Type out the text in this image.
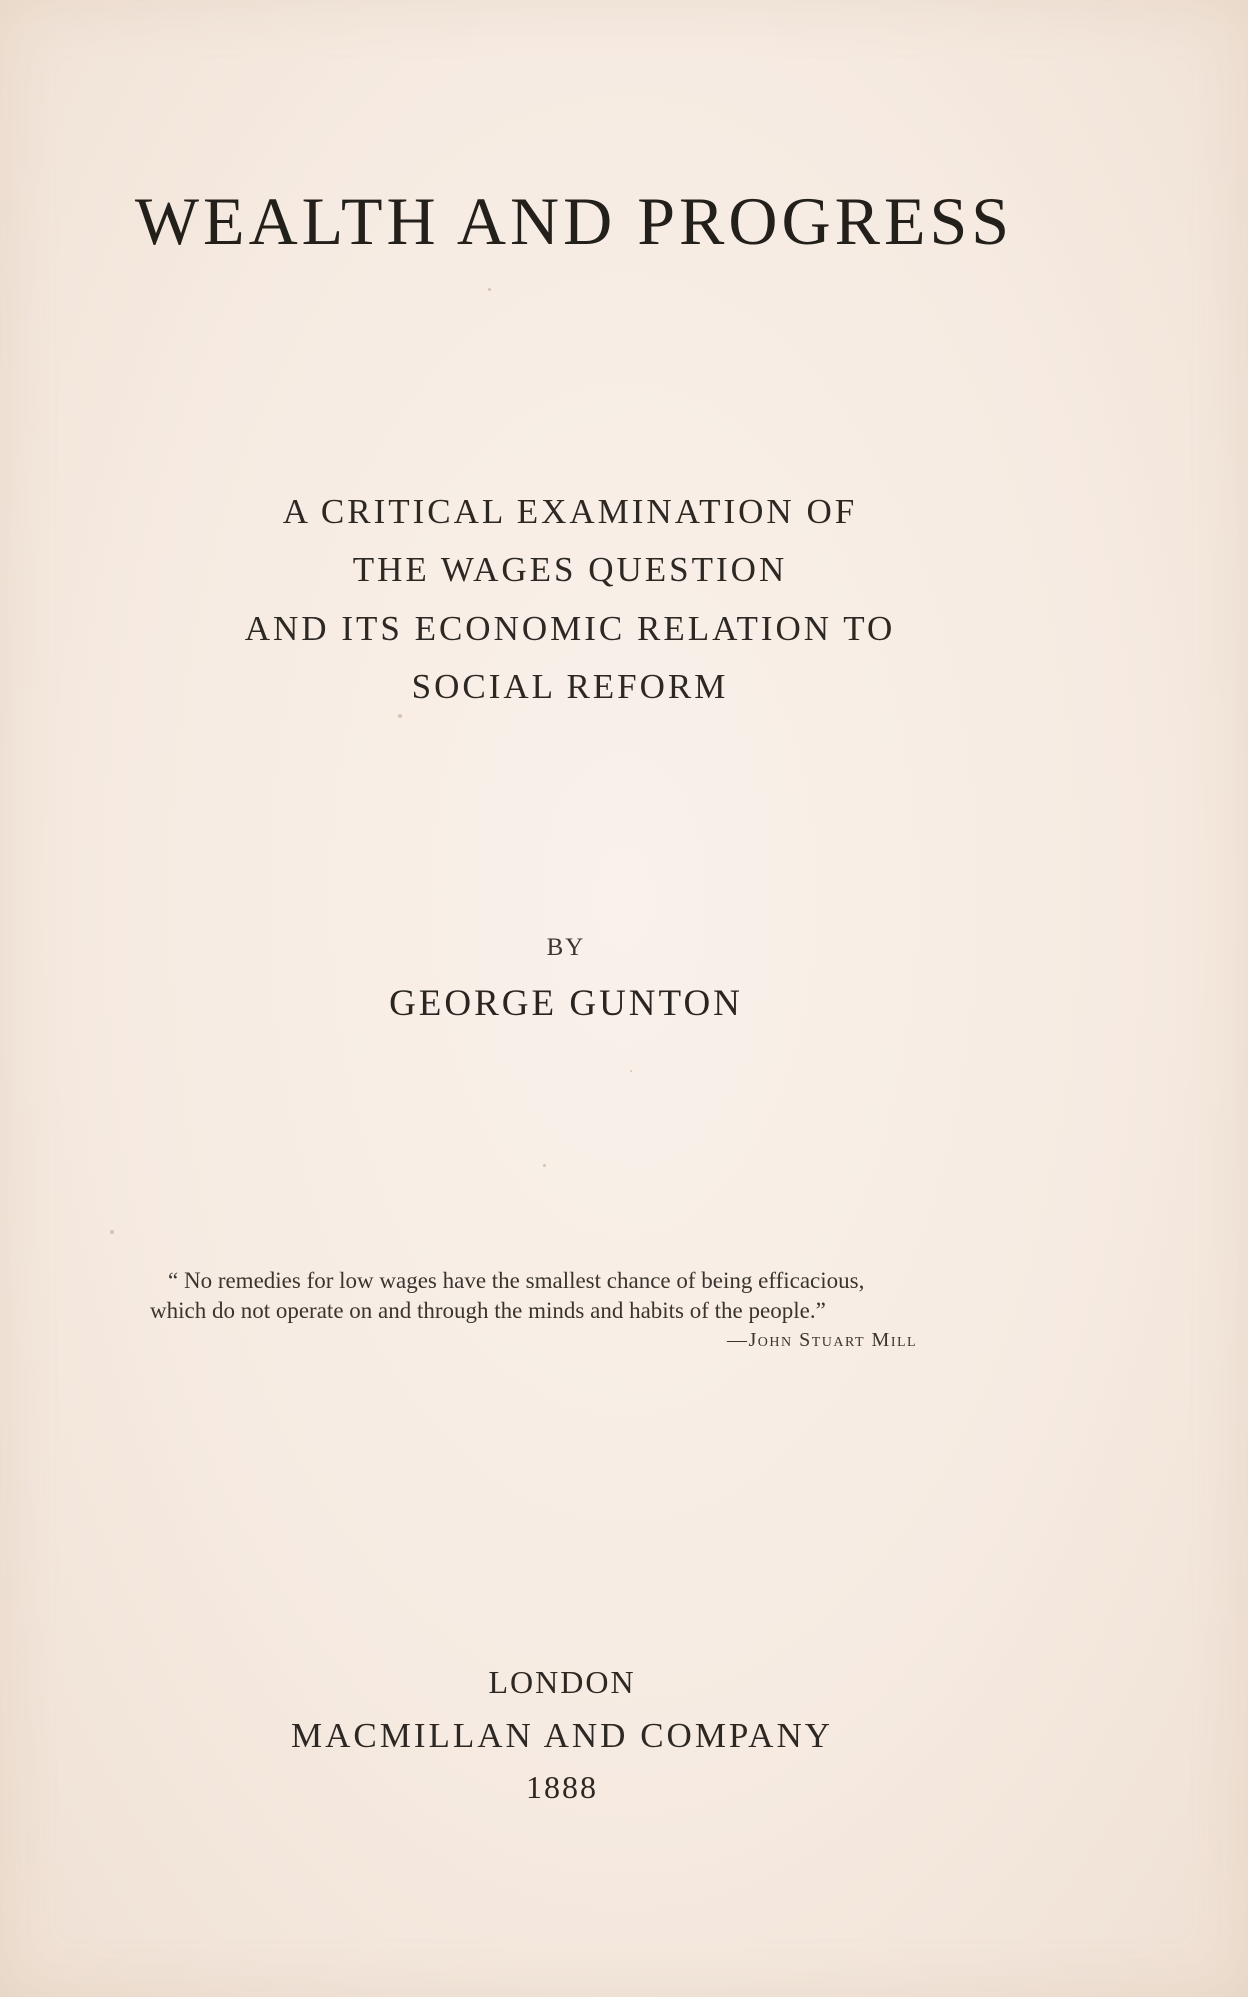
WEALTH AND PROGRESS

A CRITICAL EXAMINATION OF

THE WAGES QUESTION

AND ITS ECONOMIC RELATION TO

SOCIAL REFORM

BY

GEORGE GUNTON

“ No remedies for low wages have the smallest chance of being efficacious,

which do not operate on and through the minds and habits of the people.”

—John Stuart Mill

LONDON

MACMILLAN AND COMPANY

1888
